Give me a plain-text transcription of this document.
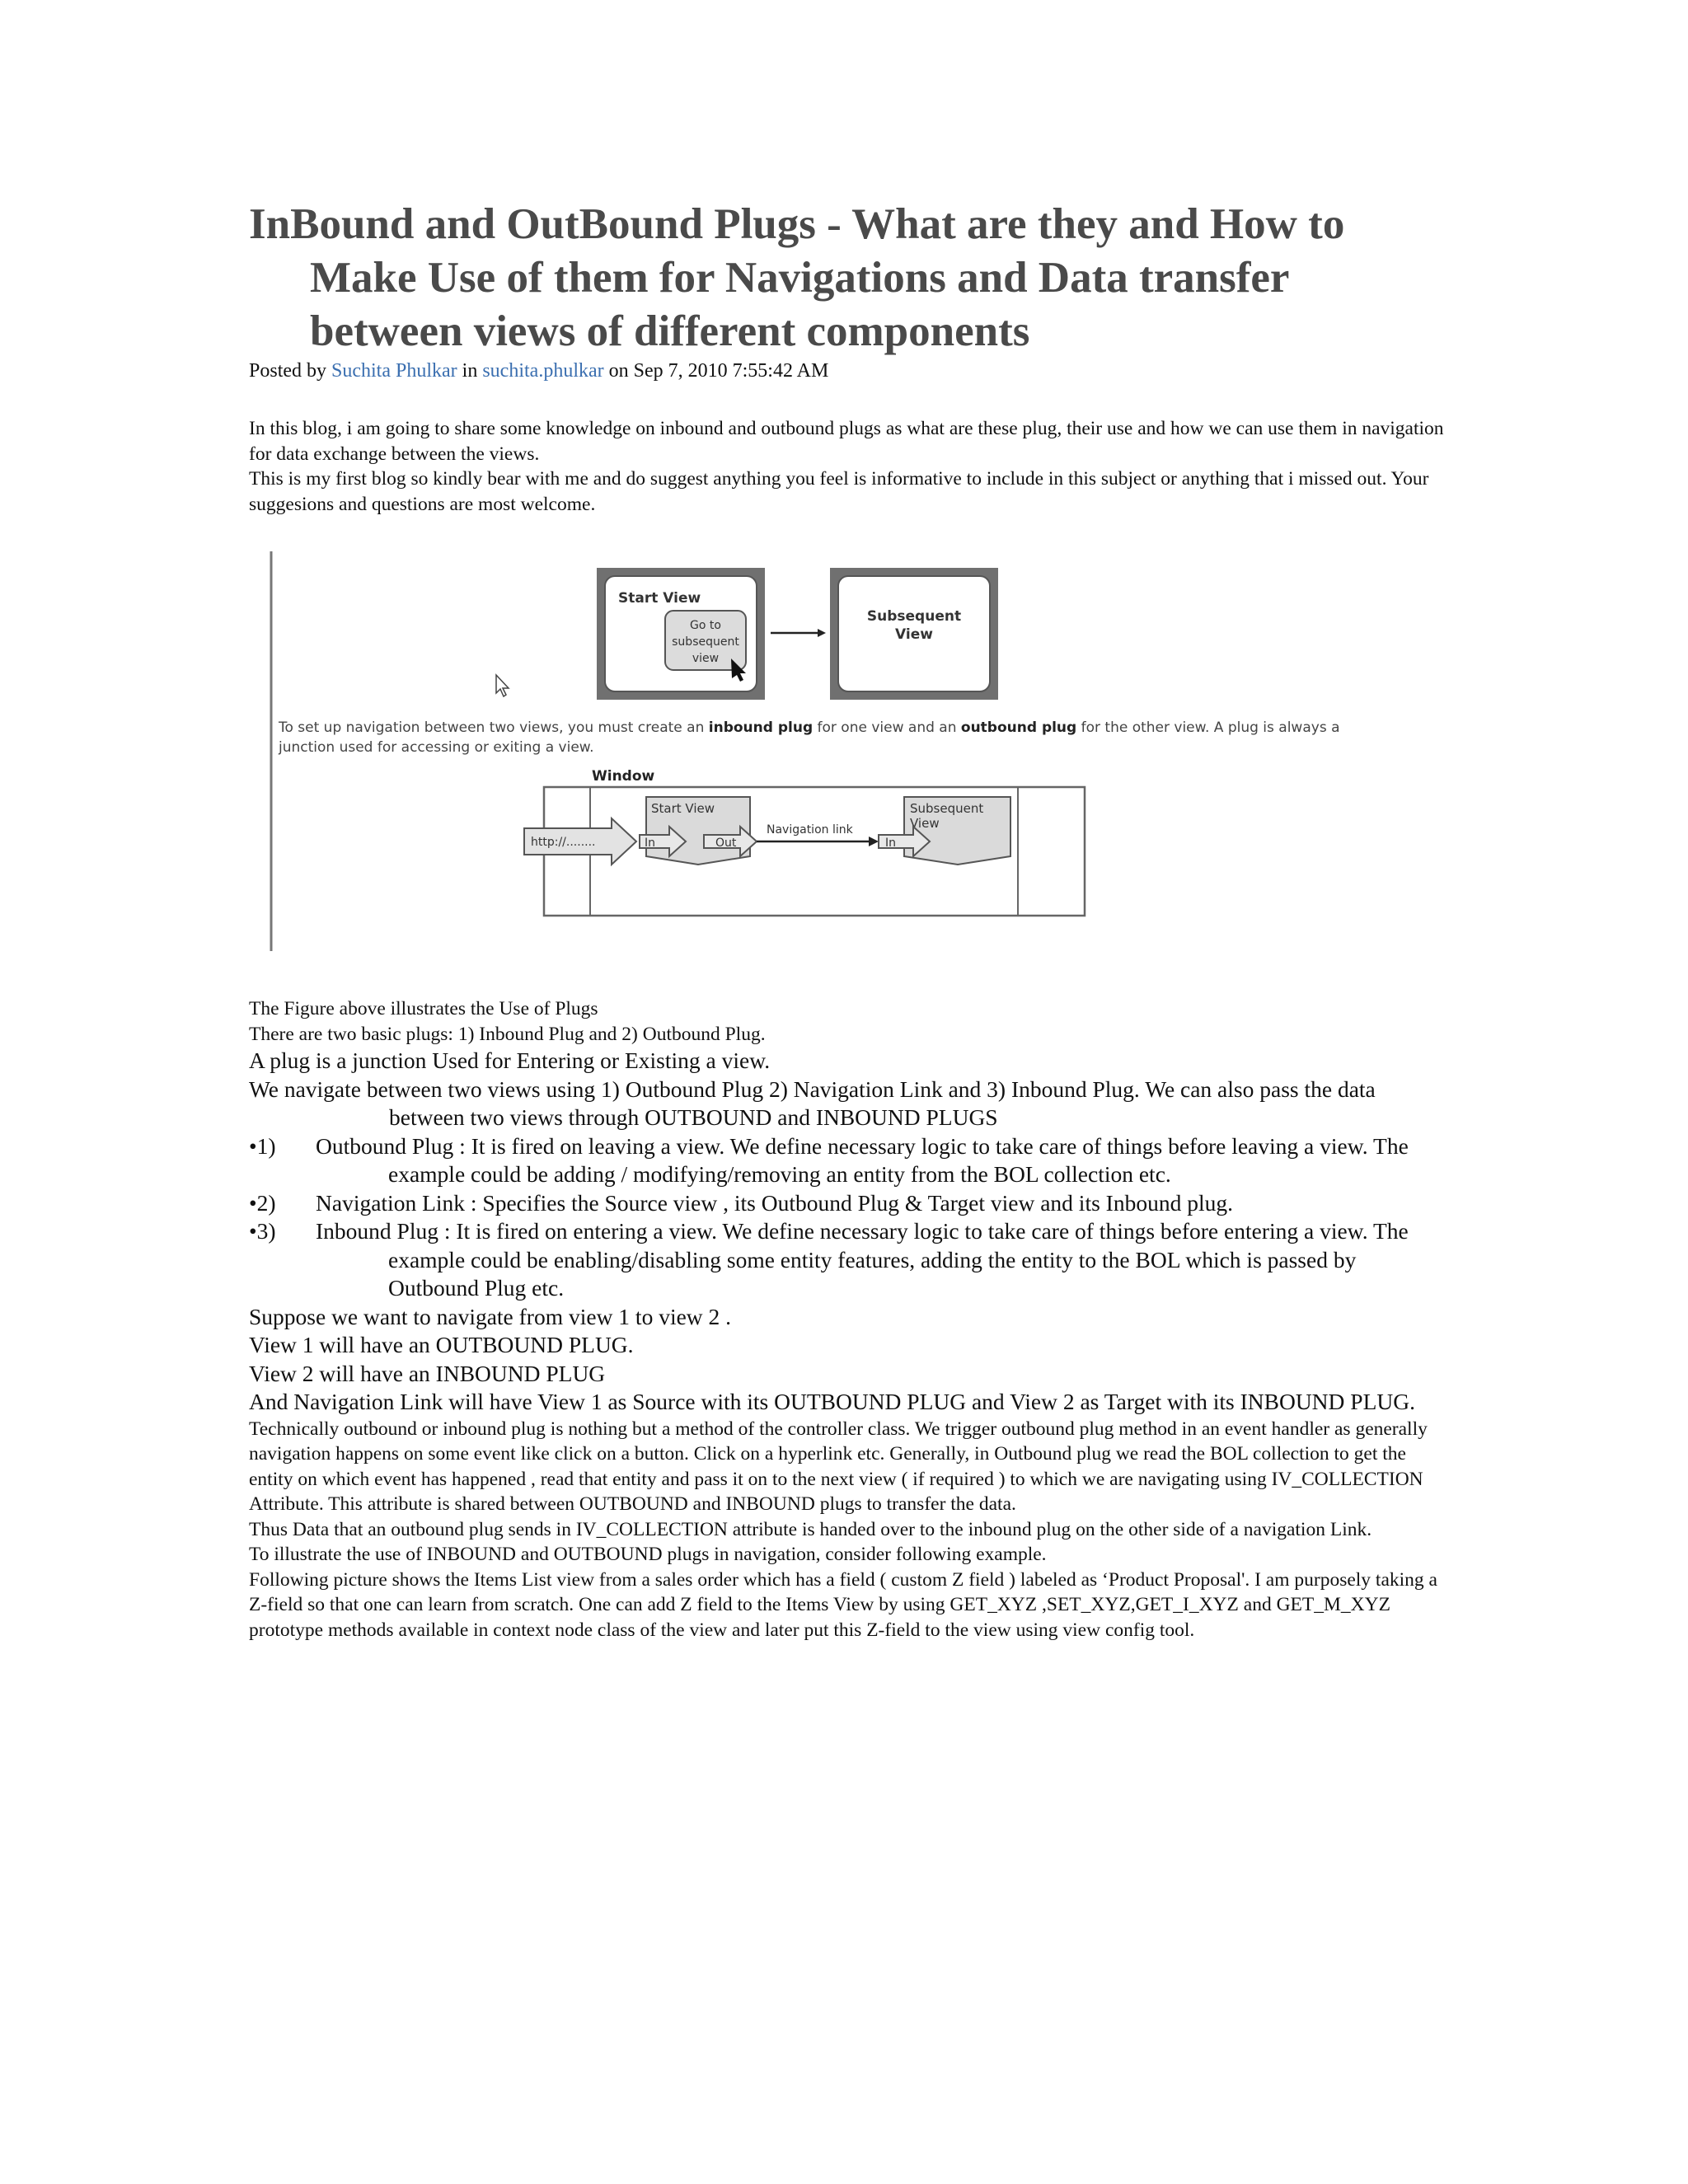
InBound and OutBound Plugs - What are they and How to Make Use of them for Navigations and Data transfer between views of different components
Posted by Suchita Phulkar in suchita.phulkar on Sep 7, 2010 7:55:42 AM

In this blog, i am going to share some knowledge on inbound and outbound plugs as what are these plug, their use and how we can use them in navigation for data exchange between the views.

This is my first blog so kindly bear with me and do suggest anything you feel is informative to include in this subject or anything that i missed out. Your suggesions and questions are most welcome.

Start View
Go to
subsequent
view
Subsequent
View
Window
Start View	Subsequent
View
http://........	In	Out
Navigation link
In
To set up navigation between two views, you must create an inbound plug for one view and an outbound plug for the other view. A plug is always a junction used for accessing or exiting a view.

The Figure above illustrates the Use of Plugs

There are two basic plugs: 1) Inbound Plug and 2) Outbound Plug.

A plug is a junction Used for Entering or Existing a view.

We navigate between two views using 1) Outbound Plug 2) Navigation Link and 3) Inbound Plug. We can also pass the data between two views through OUTBOUND and INBOUND PLUGS

•1) Outbound Plug : It is fired on leaving a view. We define necessary logic to take care of things before leaving a view. The example could be adding / modifying/removing an entity from the BOL collection etc.
•2) Navigation Link : Specifies the Source view , its Outbound Plug & Target view and its Inbound plug.
•3) Inbound Plug : It is fired on entering a view. We define necessary logic to take care of things before entering a view. The example could be enabling/disabling some entity features, adding the entity to the BOL which is passed by Outbound Plug etc.

Suppose we want to navigate from view 1 to view 2 .

View 1 will have an OUTBOUND PLUG.

View 2 will have an INBOUND PLUG

And Navigation Link will have View 1 as Source with its OUTBOUND PLUG and View 2 as Target with its INBOUND PLUG.

Technically outbound or inbound plug is nothing but a method of the controller class. We trigger outbound plug method in an event handler as generally navigation happens on some event like click on a button. Click on a hyperlink etc. Generally, in Outbound plug we read the BOL collection to get the entity on which event has happened , read that entity and pass it on to the next view ( if required ) to which we are navigating using IV_COLLECTION Attribute. This attribute is shared between OUTBOUND and INBOUND plugs to transfer the data.

Thus Data that an outbound plug sends in IV_COLLECTION attribute is handed over to the inbound plug on the other side of a navigation Link.

To illustrate the use of INBOUND and OUTBOUND plugs in navigation, consider following example.

Following picture shows the Items List view from a sales order which has a field ( custom Z field ) labeled as ‘Product Proposal'. I am purposely taking a Z-field so that one can learn from scratch. One can add Z field to the Items View by using GET_XYZ ,SET_XYZ,GET_I_XYZ and GET_M_XYZ prototype methods available in context node class of the view and later put this Z-field to the view using view config tool.
